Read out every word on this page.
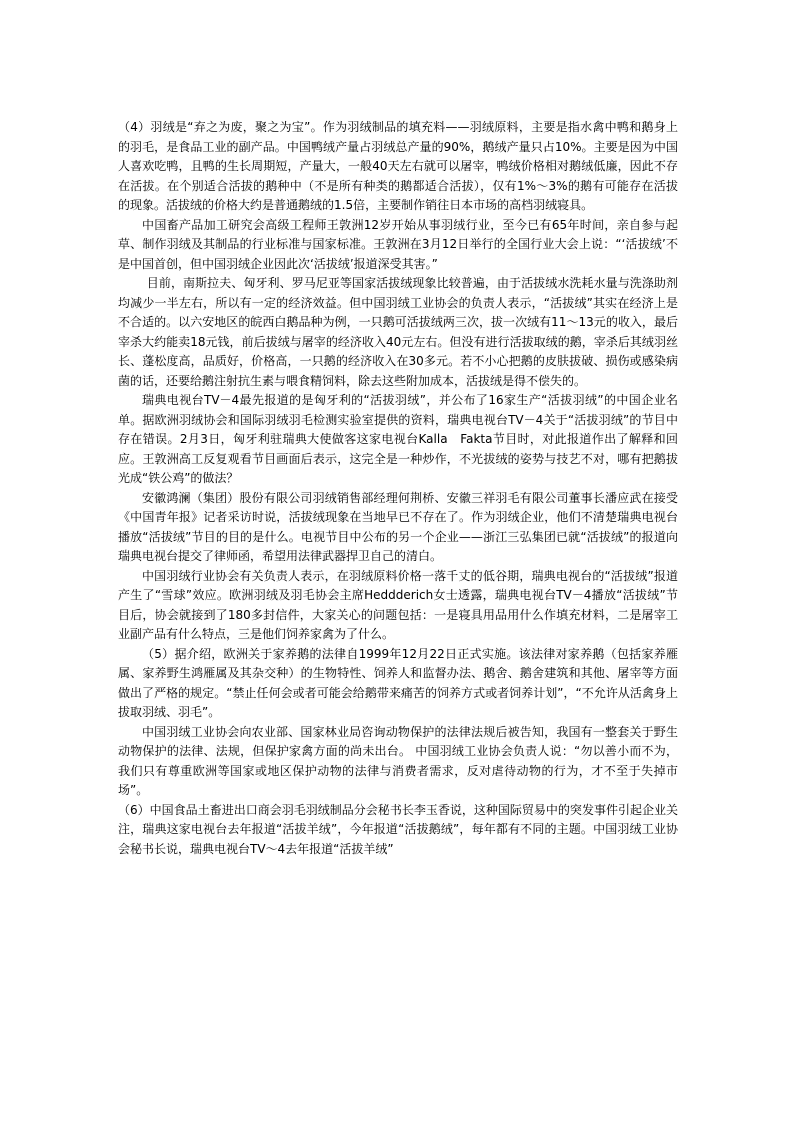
（4）羽绒是“弃之为废，聚之为宝”。作为羽绒制品的填充料——羽绒原料，主要是指水禽中鸭和鹅身上的羽毛，是食品工业的副产品。中国鸭绒产量占羽绒总产量的90%，鹅绒产量只占10%。主要是因为中国人喜欢吃鸭，且鸭的生长周期短，产量大，一般40天左右就可以屠宰，鸭绒价格相对鹅绒低廉，因此不存在活拔。在个别适合活拔的鹅种中（不是所有种类的鹅都适合活拔），仅有1%～3%的鹅有可能存在活拔的现象。活拔绒的价格大约是普通鹅绒的1.5倍，主要制作销往日本市场的高档羽绒寝具。

中国畜产品加工研究会高级工程师王敦洲12岁开始从事羽绒行业，至今已有65年时间，亲自参与起草、制作羽绒及其制品的行业标准与国家标准。王敦洲在3月12日举行的全国行业大会上说：“‘活拔绒’不是中国首创，但中国羽绒企业因此次‘活拔绒’报道深受其害。”

目前，南斯拉夫、匈牙利、罗马尼亚等国家活拔绒现象比较普遍，由于活拔绒水洗耗水量与洗涤助剂均减少一半左右，所以有一定的经济效益。但中国羽绒工业协会的负责人表示，“活拔绒”其实在经济上是不合适的。以六安地区的皖西白鹅品种为例，一只鹅可活拔绒两三次，拔一次绒有11～13元的收入，最后宰杀大约能卖18元钱，前后拔绒与屠宰的经济收入40元左右。但没有进行活拔取绒的鹅，宰杀后其绒羽丝长、蓬松度高，品质好，价格高，一只鹅的经济收入在30多元。若不小心把鹅的皮肤拔破、损伤或感染病菌的话，还要给鹅注射抗生素与喂食精饲料，除去这些附加成本，活拔绒是得不偿失的。

瑞典电视台TV－4最先报道的是匈牙利的“活拔羽绒”，并公布了16家生产“活拔羽绒”的中国企业名单。据欧洲羽绒协会和国际羽绒羽毛检测实验室提供的资料，瑞典电视台TV－4关于“活拔羽绒”的节目中存在错误。2月3日，匈牙利驻瑞典大使做客这家电视台Kalla　Fakta节目时，对此报道作出了解释和回应。王敦洲高工反复观看节目画面后表示，这完全是一种炒作，不光拔绒的姿势与技艺不对，哪有把鹅拔光成“铁公鸡”的做法？

安徽鸿澜（集团）股份有限公司羽绒销售部经理何荆桥、安徽三祥羽毛有限公司董事长潘应武在接受《中国青年报》记者采访时说，活拔绒现象在当地早已不存在了。作为羽绒企业，他们不清楚瑞典电视台播放“活拔绒”节目的目的是什么。电视节目中公布的另一个企业——浙江三弘集团已就“活拔绒”的报道向瑞典电视台提交了律师函，希望用法律武器捍卫自己的清白。

中国羽绒行业协会有关负责人表示，在羽绒原料价格一落千丈的低谷期，瑞典电视台的“活拔绒”报道产生了“雪球”效应。欧洲羽绒及羽毛协会主席Heddderich女士透露，瑞典电视台TV－4播放“活拔绒”节目后，协会就接到了180多封信件，大家关心的问题包括：一是寝具用品用什么作填充材料，二是屠宰工业副产品有什么特点，三是他们饲养家禽为了什么。

（5）据介绍，欧洲关于家养鹅的法律自1999年12月22日正式实施。该法律对家养鹅（包括家养雁属、家养野生鸿雁属及其杂交种）的生物特性、饲养人和监督办法、鹅舍、鹅舍建筑和其他、屠宰等方面做出了严格的规定。“禁止任何会或者可能会给鹅带来痛苦的饲养方式或者饲养计划”，“不允许从活禽身上拔取羽绒、羽毛”。

中国羽绒工业协会向农业部、国家林业局咨询动物保护的法律法规后被告知，我国有一整套关于野生动物保护的法律、法规，但保护家禽方面的尚未出台。 中国羽绒工业协会负责人说：“勿以善小而不为，我们只有尊重欧洲等国家或地区保护动物的法律与消费者需求，反对虐待动物的行为，才不至于失掉市场”。

（6）中国食品土畜进出口商会羽毛羽绒制品分会秘书长李玉香说，这种国际贸易中的突发事件引起企业关注，瑞典这家电视台去年报道“活拔羊绒”，今年报道“活拔鹅绒”，每年都有不同的主题。中国羽绒工业协会秘书长说，瑞典电视台TV～4去年报道“活拔羊绒”
